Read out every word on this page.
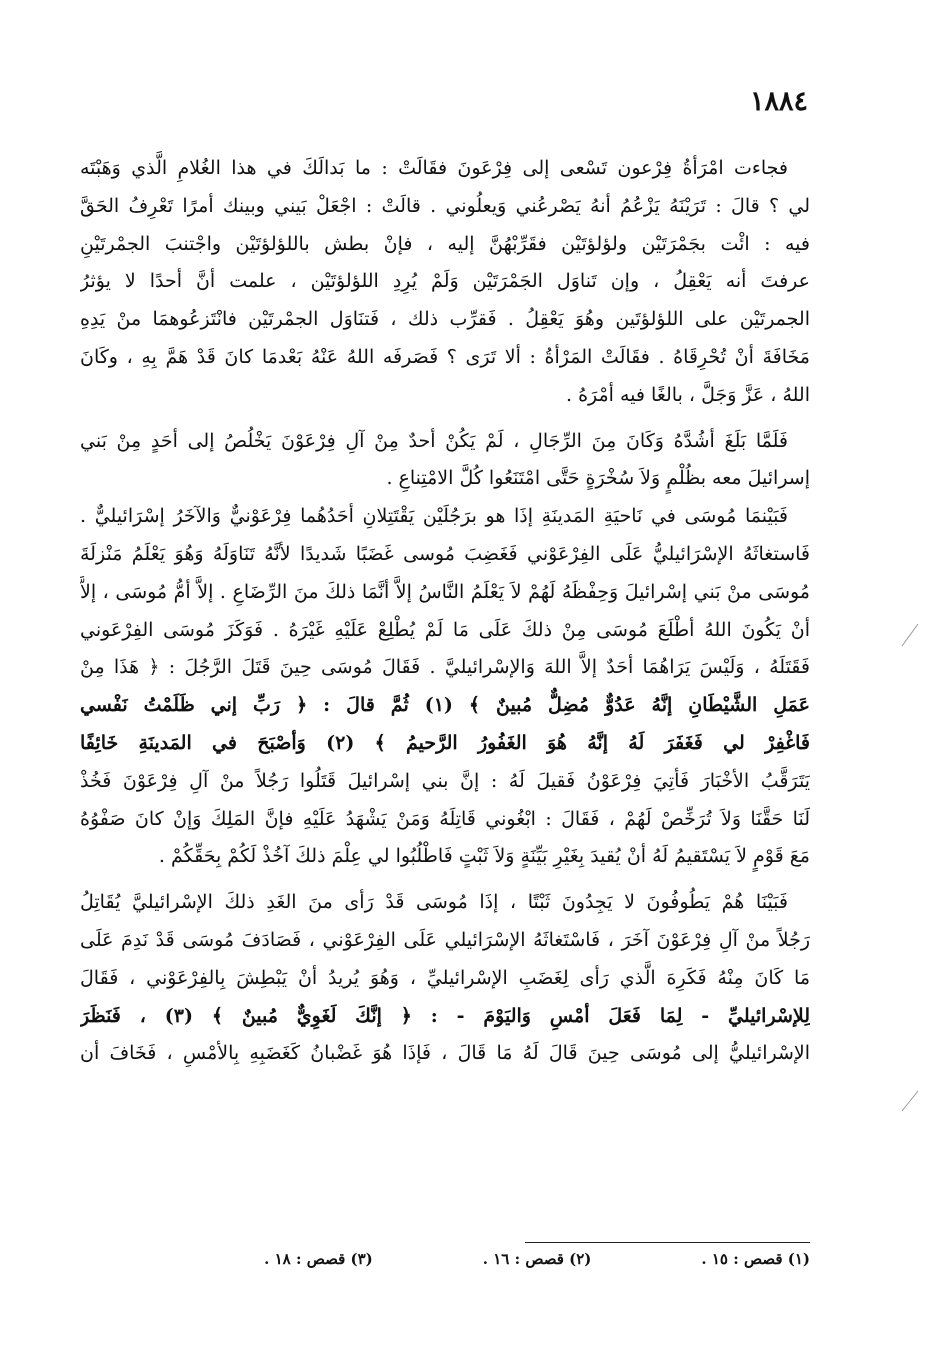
١٨٨٤
فجاءت امْرَأةُ فِرْعون تَسْعى إلى فِرْعَونَ فقَالَتْ : ما بَدالَكَ في هذا الغُلامِ الَّذي وَهَبْتَه
لي ؟ قالَ : تَرَيْنَهُ يَزْعُمُ أنهُ يَصْرعُني وَيعلُوني . قالَتْ : اجْعَلْ بَيني وبينك أمرًا تَعْرِفُ الحَقَّ
فيه : ائْت بجَمْرَتَيْن ولؤلؤتَيْن فقَرِّبْهُنَّ إليه ، فإنْ بطش باللؤلؤتَيْن واجْتنبَ الجمْرتَيْنِ
عرفتَ أنه يَعْقِلُ ، وإن تَناوَل الجَمْرَتَيْن وَلَمْ يُرِدِ اللؤلؤتَيْن ، علمت أنَّ أحدًا لا يؤثرُ
الجمرتَيْن على اللؤلؤتَين وهُوَ يَعْقِلُ . فَقرِّب ذلك ، فَتنَاوَل الجمْرتَيْن فانْتَزعُوهمَا منْ يَدِهِ
مَخَافَةَ أنْ تُحْرِقَاهُ . فقَالَتْ المَرْأةُ : ألا تَرَى ؟ فَصَرفَه اللهُ عَنْهُ بَعْدمَا كانَ قَدْ هَمَّ بِهِ ، وكَانَ
اللهُ ، عَزَّ وَجَلَّ ، بالغًا فيه أمْرَهُ .
فَلَمَّا بَلَغَ أشُدَّهُ وَكَانَ مِنَ الرِّجَالِ ، لَمْ يَكُنْ أحدٌ مِنْ آلِ فِرْعَوْنَ يَخْلُصُ إلى أحَدٍ مِنْ بَني
إسرائيلَ معه بظُلْمٍ وَلاَ سُخْرَةٍ حَتَّى امْتَنَعُوا كُلَّ الامْتِناعِ .
فَبَيْنمَا مُوسَى في نَاحيَةِ المَدينَةِ إذَا هو برَجُلَيْن يَقْتَتِلانِ أحَدُهُما فِرْعَوْنيٌّ وَالآخَرُ إسْرَائيليٌّ .
فَاستغاثَهُ الإسْرَائيليُّ عَلَى الفِرْعَوْني فَغَضِبَ مُوسى غَضَبًا شَديدًا لأنَّهُ تَنَاوَلَهُ وَهُوَ يَعْلَمُ مَنْزلَةَ
مُوسَى منْ بَني إسْرائيلَ وَحِفْظَهُ لَهُمْ لاَ يَعْلَمُ النَّاسُ إلاَّ أنَّمَا ذلكَ منَ الرِّضَاعِ . إلاَّ أمُّ مُوسَى ، إلاَّ
أنْ يَكُونَ اللهُ أطْلَعَ مُوسَى مِنْ ذلكَ عَلَى مَا لَمْ يُطْلِعْ عَلَيْهِ غَيْرَهُ . فَوَكَزَ مُوسَى الفِرْعَوني
فَقَتَلَهُ ، وَلَيْسَ يَرَاهُمَا أحَدٌ إلاَّ اللهَ وَالإسْرائيليَّ . فَقَالَ مُوسَى حِينَ قَتَلَ الرَّجُلَ : ﴿ هَذَا مِنْ
عَمَلِ الشَّيْطَانِ إنَّهُ عَدُوٌّ مُضِلٌّ مُبينٌ ﴾ (١) ثُمَّ قالَ : ﴿ رَبِّ إني ظَلَمْتُ نَفْسي
فَاغْفِرْ لي فَغَفَرَ لَهُ إنَّهُ هُوَ الغَفُورُ الرَّحيمُ ﴾ (٢) وَأصْبَحَ في المَدينَةِ خَائِفًا
يَتَرَقَّبُ الأخْبَارَ فَأتِيَ فِرْعَوْنُ فَقيلَ لَهُ : إنَّ بني إسْرائيلَ قَتَلُوا رَجُلاً منْ آلِ فِرْعَوْنَ فَخُذْ
لَنَا حَقَّنَا وَلاَ تُرَخِّصْ لَهُمْ ، فَقَالَ : ابْغُوني قَاتِلَهُ وَمَنْ يَشْهَدُ عَلَيْهِ فإنَّ المَلِكَ وَإنْ كانَ صَفْوُهُ
مَعَ قَوْمٍ لاَ يَسْتَقيمُ لَهُ أنْ يُقيدَ بِغَيْرِ بَيِّنَةٍ وَلاَ ثَبْتٍ فَاطْلُبُوا لي عِلْمَ ذلكَ آخُذْ لَكُمْ بِحَقِّكُمْ .
فَبَيْنَا هُمْ يَطُوفُونَ لا يَجِدُونَ ثَبْتًا ، إذَا مُوسَى قَدْ رَأى منَ الغَدِ ذلكَ الإسْرائيليَّ يُقَاتِلُ
رَجُلاً منْ آلِ فِرْعَوْنَ آخَرَ ، فَاسْتَغاثَهُ الإسْرَائيلي عَلَى الفِرْعَوْني ، فَصَادَفَ مُوسَى قَدْ نَدِمَ عَلَى
مَا كَانَ مِنْهُ فَكَرِهَ الَّذي رَأى لِغَضَبِ الإسْرائيليِّ ، وَهُوَ يُريدُ أنْ يَبْطِشَ بِالفِرْعَوْني ، فَقَالَ
لِلإسْرائيليِّ - لِمَا فَعَلَ أمْسِ وَاليَوْمَ - : ﴿ إنَّكَ لَغَوِيٌّ مُبينٌ ﴾ (٣) ، فَنَظَرَ
الإسْرائيليُّ إلى مُوسَى حِينَ قَالَ لَهُ مَا قَالَ ، فَإذَا هُوَ غَضْبانُ كَغَضَبِهِ بِالأمْسِ ، فَخَافَ أن
(١) قصص : ١٥ .
(٢) قصص : ١٦ .
(٣) قصص : ١٨ .
